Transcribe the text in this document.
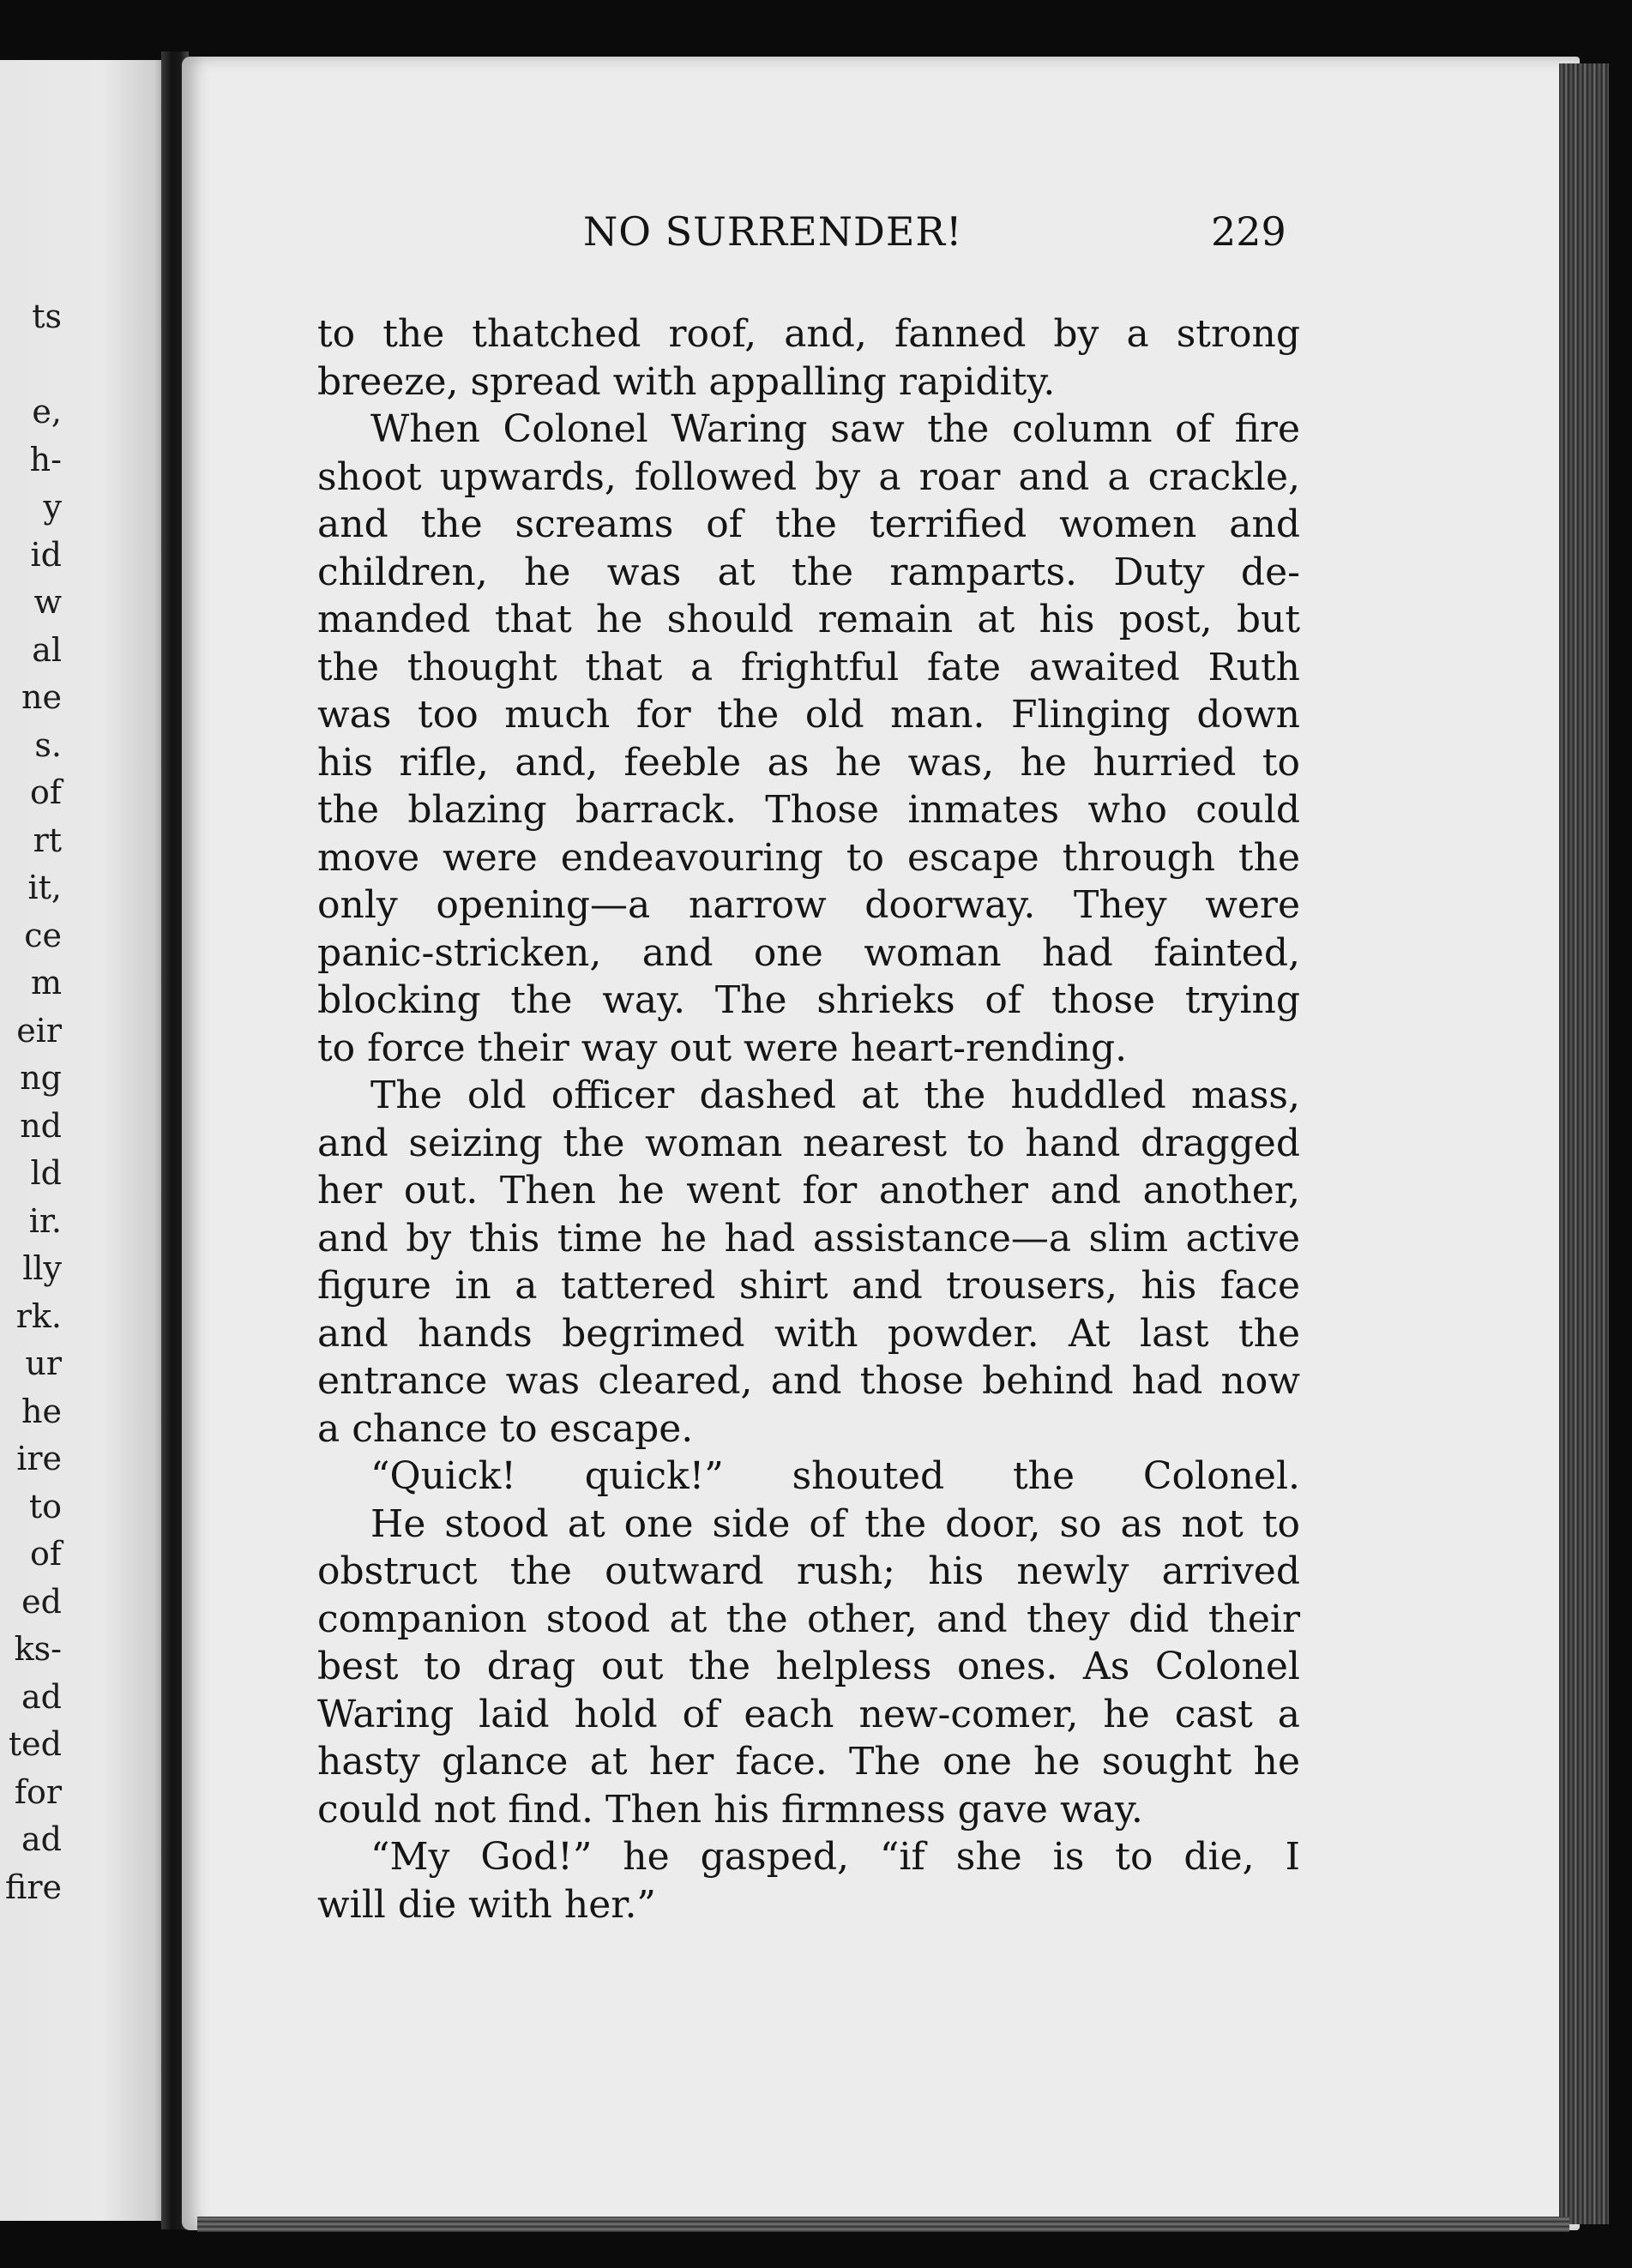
ts
e,
h-
y
id
w
al
ne
s.
of
rt
it,
ce
m
eir
ng
nd
ld
ir.
lly
rk.
ur
he
ire
to
of
ed
ks-
ad
ted
for
ad
fire
NO SURRENDER!	229
to the thatched roof, and, fanned by a strong
breeze, spread with appalling rapidity.
When Colonel Waring saw the column of fire
shoot upwards, followed by a roar and a crackle,
and the screams of the terrified women and
children, he was at the ramparts. Duty de-
manded that he should remain at his post, but
the thought that a frightful fate awaited Ruth
was too much for the old man. Flinging down
his rifle, and, feeble as he was, he hurried to
the blazing barrack. Those inmates who could
move were endeavouring to escape through the
only opening—a narrow doorway. They were
panic-stricken, and one woman had fainted,
blocking the way. The shrieks of those trying
to force their way out were heart-rending.
The old officer dashed at the huddled mass,
and seizing the woman nearest to hand dragged
her out. Then he went for another and another,
and by this time he had assistance—a slim active
figure in a tattered shirt and trousers, his face
and hands begrimed with powder. At last the
entrance was cleared, and those behind had now
a chance to escape.
“Quick! quick!” shouted the Colonel.
He stood at one side of the door, so as not to
obstruct the outward rush; his newly arrived
companion stood at the other, and they did their
best to drag out the helpless ones. As Colonel
Waring laid hold of each new-comer, he cast a
hasty glance at her face. The one he sought he
could not find. Then his firmness gave way.
“My God!” he gasped, “if she is to die, I
will die with her.”
